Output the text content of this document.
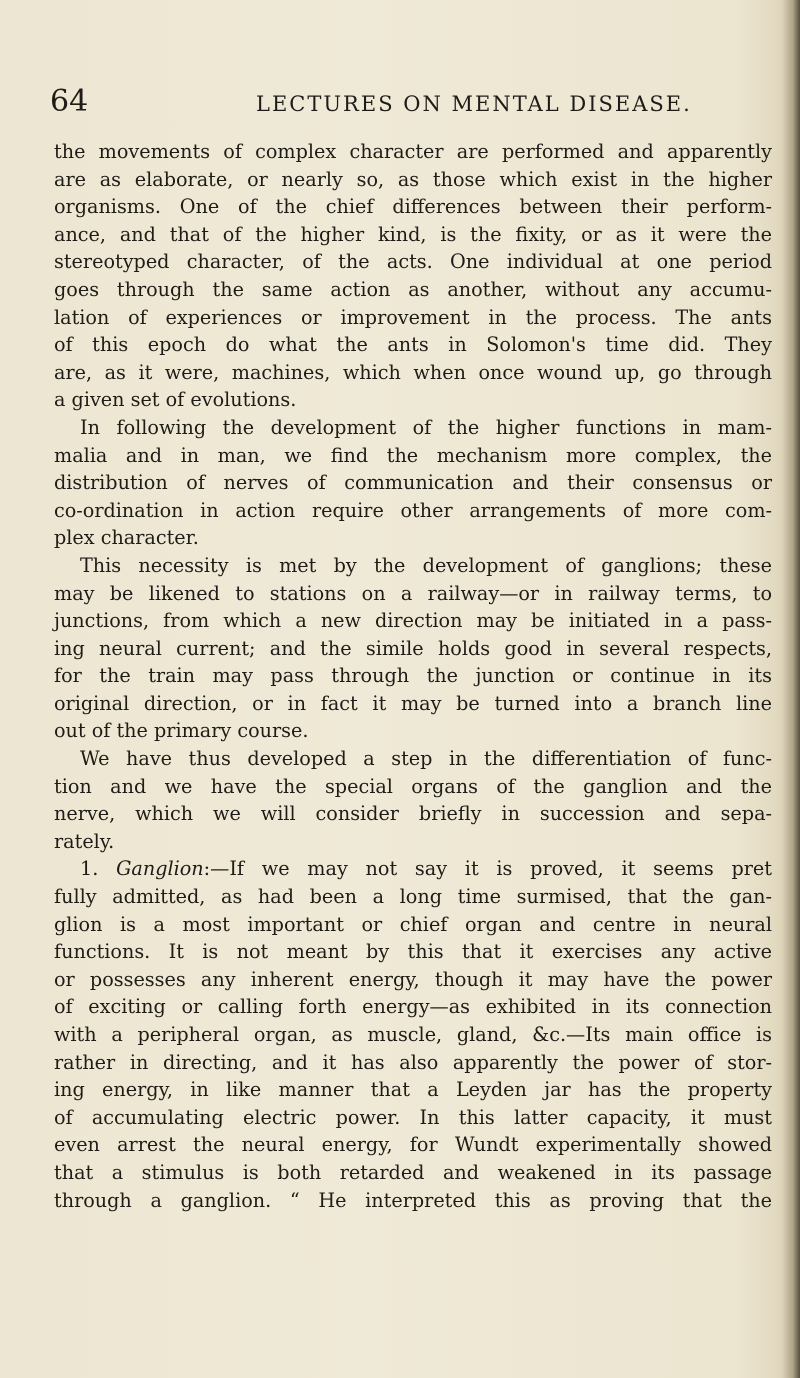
64	LECTURES ON MENTAL DISEASE.
the movements of complex character are performed and apparently
are as elaborate, or nearly so, as those which exist in the higher
organisms. One of the chief differences between their perform-
ance, and that of the higher kind, is the fixity, or as it were the
stereotyped character, of the acts. One individual at one period
goes through the same action as another, without any accumu-
lation of experiences or improvement in the process. The ants
of this epoch do what the ants in Solomon's time did. They
are, as it were, machines, which when once wound up, go through
a given set of evolutions.
In following the development of the higher functions in mam-
malia and in man, we find the mechanism more complex, the
distribution of nerves of communication and their consensus or
co-ordination in action require other arrangements of more com-
plex character.
This necessity is met by the development of ganglions; these
may be likened to stations on a railway—or in railway terms, to
junctions, from which a new direction may be initiated in a pass-
ing neural current; and the simile holds good in several respects,
for the train may pass through the junction or continue in its
original direction, or in fact it may be turned into a branch line
out of the primary course.
We have thus developed a step in the differentiation of func-
tion and we have the special organs of the ganglion and the
nerve, which we will consider briefly in succession and sepa-
rately.
1. Ganglion:—If we may not say it is proved, it seems pret
fully admitted, as had been a long time surmised, that the gan-
glion is a most important or chief organ and centre in neural
functions. It is not meant by this that it exercises any active
or possesses any inherent energy, though it may have the power
of exciting or calling forth energy—as exhibited in its connection
with a peripheral organ, as muscle, gland, &c.—Its main office is
rather in directing, and it has also apparently the power of stor-
ing energy, in like manner that a Leyden jar has the property
of accumulating electric power. In this latter capacity, it must
even arrest the neural energy, for Wundt experimentally showed
that a stimulus is both retarded and weakened in its passage
through a ganglion. “ He interpreted this as proving that the
